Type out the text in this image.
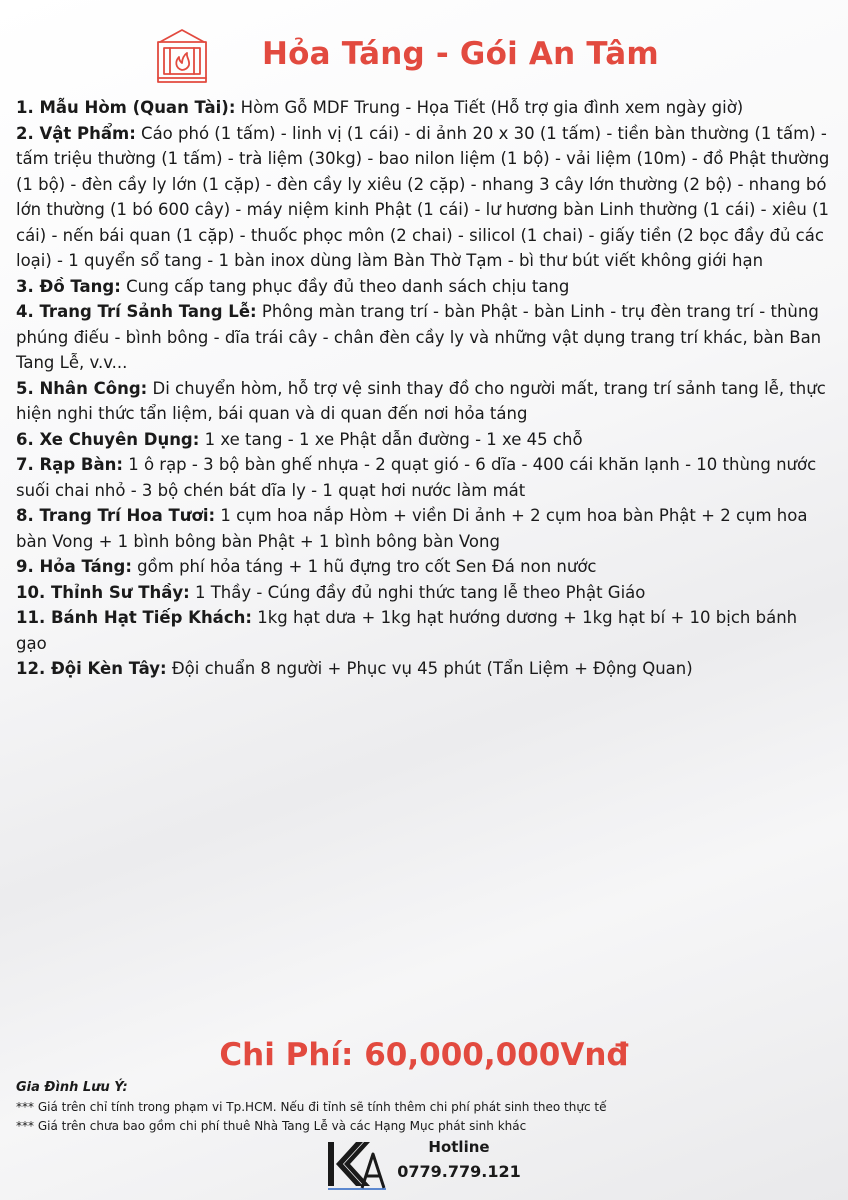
Hỏa Táng - Gói An Tâm

1. Mẫu Hòm (Quan Tài): Hòm Gỗ MDF Trung - Họa Tiết (Hỗ trợ gia đình xem ngày giờ)

2. Vật Phẩm: Cáo phó (1 tấm) - linh vị (1 cái) - di ảnh 20 x 30 (1 tấm) - tiền bàn thường (1 tấm) - tấm triệu thường (1 tấm) - trà liệm (30kg) - bao nilon liệm (1 bộ) - vải liệm (10m) - đồ Phật thường (1 bộ) - đèn cầy ly lớn (1 cặp) - đèn cầy ly xiêu (2 cặp) - nhang 3 cây lớn thường (2 bộ) - nhang bó lớn thường (1 bó 600 cây) - máy niệm kinh Phật (1 cái) - lư hương bàn Linh thường (1 cái) - xiêu (1 cái) - nến bái quan (1 cặp) - thuốc phọc môn (2 chai) - silicol (1 chai) - giấy tiền (2 bọc đầy đủ các loại) - 1 quyển sổ tang - 1 bàn inox dùng làm Bàn Thờ Tạm - bì thư bút viết không giới hạn

3. Đồ Tang: Cung cấp tang phục đầy đủ theo danh sách chịu tang

4. Trang Trí Sảnh Tang Lễ: Phông màn trang trí - bàn Phật - bàn Linh - trụ đèn trang trí - thùng phúng điếu - bình bông - dĩa trái cây - chân đèn cầy ly và những vật dụng trang trí khác, bàn Ban Tang Lễ, v.v...

5. Nhân Công: Di chuyển hòm, hỗ trợ vệ sinh thay đồ cho người mất, trang trí sảnh tang lễ, thực hiện nghi thức tẩn liệm, bái quan và di quan đến nơi hỏa táng

6. Xe Chuyên Dụng: 1 xe tang - 1 xe Phật dẫn đường - 1 xe 45 chỗ

7. Rạp Bàn: 1 ô rạp - 3 bộ bàn ghế nhựa - 2 quạt gió - 6 dĩa - 400 cái khăn lạnh - 10 thùng nước suối chai nhỏ - 3 bộ chén bát dĩa ly - 1 quạt hơi nước làm mát

8. Trang Trí Hoa Tươi: 1 cụm hoa nắp Hòm + viền Di ảnh + 2 cụm hoa bàn Phật + 2 cụm hoa bàn Vong + 1 bình bông bàn Phật + 1 bình bông bàn Vong

9. Hỏa Táng: gồm phí hỏa táng + 1 hũ đựng tro cốt Sen Đá non nước

10. Thỉnh Sư Thầy: 1 Thầy - Cúng đầy đủ nghi thức tang lễ theo Phật Giáo

11. Bánh Hạt Tiếp Khách: 1kg hạt dưa + 1kg hạt hướng dương + 1kg hạt bí + 10 bịch bánh gạo

12. Đội Kèn Tây: Đội chuẩn 8 người + Phục vụ 45 phút (Tẩn Liệm + Động Quan)

Chi Phí: 60,000,000Vnđ
Gia Đình Lưu Ý:
*** Giá trên chỉ tính trong phạm vi Tp.HCM. Nếu đi tỉnh sẽ tính thêm chi phí phát sinh theo thực tế
*** Giá trên chưa bao gồm chi phí thuê Nhà Tang Lễ và các Hạng Mục phát sinh khác
Hotline
0779.779.121
